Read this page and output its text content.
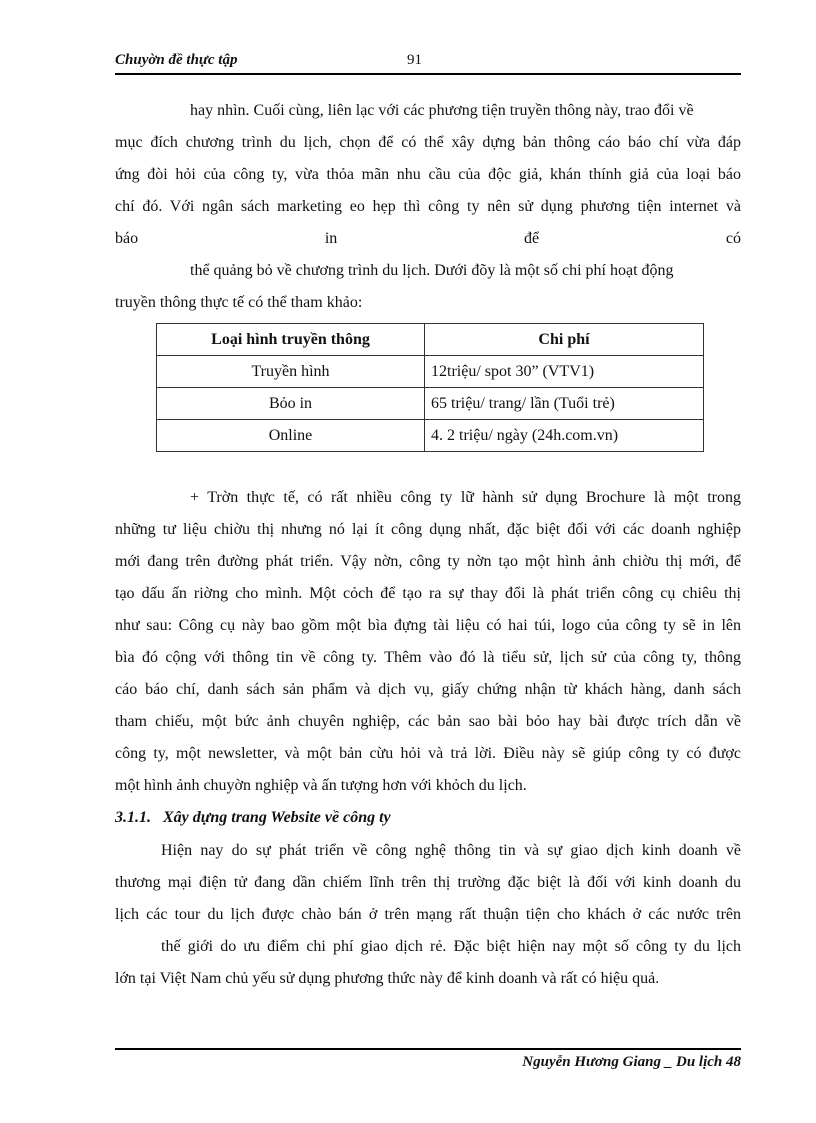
Chuyờn đề thực tập	91
hay nhìn. Cuối cùng, liên lạc với các phương tiện truyền thông này, trao đổi về
mục đích chương trình du lịch, chọn để có thể xây dựng bản thông cáo báo chí vừa đáp
ứng đòi hỏi của công ty, vừa thỏa mãn nhu cầu của độc giả, khán thính giả của loại báo
chí đó. Với ngân sách marketing eo hẹp thì công ty nên sử dụng phương tiện internet và
báo	in	để	có
thể quảng bỏ về chương trình du lịch. Dưới đõy là một số chi phí hoạt động
truyền thông thực tế có thể tham khảo:
Loại hình truyền thông	Chi phí
Truyền hình	12triệu/ spot 30” (VTV1)
Bỏo in	65 triệu/ trang/ lần (Tuổi trẻ)
Online	4. 2 triệu/ ngày (24h.com.vn)
+ Trờn thực tế, có rất nhiều công ty lữ hành sử dụng Brochure là một trong
những tư liệu chiờu thị nhưng nó lại ít công dụng nhất, đặc biệt đối với các doanh nghiệp
mới đang trên đường phát triển. Vậy nờn, công ty nờn tạo một hình ảnh chiờu thị mới, để
tạo dấu ấn riờng cho mình. Một cỏch để tạo ra sự thay đổi là phát triển công cụ chiêu thị
như sau: Công cụ này bao gồm một bìa đựng tài liệu có hai túi, logo của công ty sẽ in lên
bìa đó cộng với thông tin về công ty. Thêm vào đó là tiểu sử, lịch sử của công ty, thông
cáo báo chí, danh sách sản phẩm và dịch vụ, giấy chứng nhận từ khách hàng, danh sách
tham chiếu, một bức ảnh chuyên nghiệp, các bản sao bài bỏo hay bài được trích dẫn về
công ty, một newsletter, và một bản cừu hỏi và trả lời. Điều này sẽ giúp công ty có được
một hình ảnh chuyờn nghiệp và ấn tượng hơn với khỏch du lịch.
3.1.1. Xây dựng trang Website về công ty
Hiện nay do sự phát triển về công nghệ thông tin và sự giao dịch kinh doanh về
thương mại điện tử đang dần chiếm lĩnh trên thị trường đặc biệt là đối với kinh doanh du
lịch các tour du lịch được chào bán ở trên mạng rất thuận tiện cho khách ở các nước trên
thế giới do ưu điểm chi phí giao dịch rẻ. Đặc biệt hiện nay một số công ty du lịch
lớn tại Việt Nam chủ yếu sử dụng phương thức này để kinh doanh và rất có hiệu quả.
Nguyễn Hương Giang _ Du lịch 48
